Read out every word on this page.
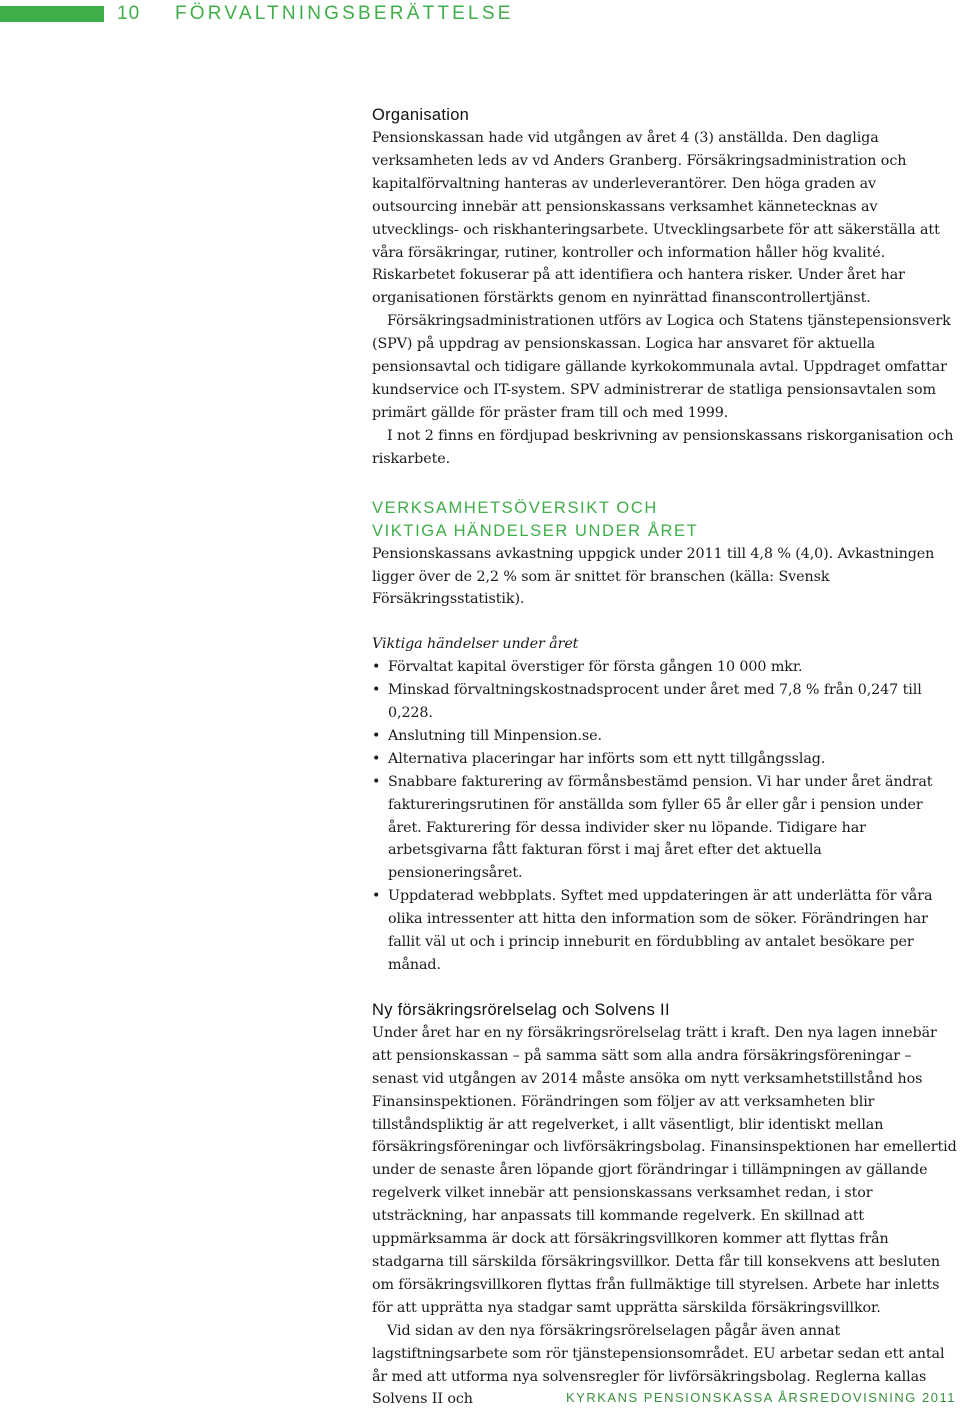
10 FÖRVALTNINGSBERÄTTELSE
Organisation

Pensionskassan hade vid utgången av året 4 (3) anställda. Den dagliga verksamheten leds av vd Anders Granberg. Försäkringsadministration och kapitalförvaltning hanteras av underleverantörer. Den höga graden av outsourcing innebär att pensionskassans verksamhet kännetecknas av utvecklings- och riskhanteringsarbete. Utvecklingsarbete för att säkerställa att våra försäkringar, rutiner, kontroller och information håller hög kvalité. Riskarbetet fokuserar på att identifiera och hantera risker. Under året har organisationen förstärkts genom en nyinrättad finanscontrollertjänst.

Försäkringsadministrationen utförs av Logica och Statens tjänstepensionsverk (SPV) på uppdrag av pensionskassan. Logica har ansvaret för aktuella pensionsavtal och tidigare gällande kyrkokommunala avtal. Uppdraget omfattar kundservice och IT-system. SPV administrerar de statliga pensionsavtalen som primärt gällde för präster fram till och med 1999.

I not 2 finns en fördjupad beskrivning av pensionskassans riskorganisation och riskarbete.

VERKSAMHETSÖVERSIKT OCH
VIKTIGA HÄNDELSER UNDER ÅRET

Pensionskassans avkastning uppgick under 2011 till 4,8 % (4,0). Avkastningen ligger över de 2,2 % som är snittet för branschen (källa: Svensk Försäkringsstatistik).

Viktiga händelser under året

• Förvaltat kapital överstiger för första gången 10 000 mkr.
• Minskad förvaltningskostnadsprocent under året med 7,8 % från 0,247 till 0,228.
• Anslutning till Minpension.se.
• Alternativa placeringar har införts som ett nytt tillgångsslag.
• Snabbare fakturering av förmånsbestämd pension. Vi har under året ändrat faktureringsrutinen för anställda som fyller 65 år eller går i pension under året. Fakturering för dessa individer sker nu löpande. Tidigare har arbetsgivarna fått fakturan först i maj året efter det aktuella pensioneringsåret.
• Uppdaterad webbplats. Syftet med uppdateringen är att underlätta för våra olika intressenter att hitta den information som de söker. Förändringen har fallit väl ut och i princip inneburit en fördubbling av antalet besökare per månad.
Ny försäkringsrörelselag och Solvens II

Under året har en ny försäkringsrörelselag trätt i kraft. Den nya lagen innebär att pensionskassan – på samma sätt som alla andra försäkringsföreningar – senast vid utgången av 2014 måste ansöka om nytt verksamhetstillstånd hos Finansinspektionen. Förändringen som följer av att verksamheten blir tillståndspliktig är att regelverket, i allt väsentligt, blir identiskt mellan försäkringsföreningar och livförsäkringsbolag. Finansinspektionen har emellertid under de senaste åren löpande gjort förändringar i tillämpningen av gällande regelverk vilket innebär att pensionskassans verksamhet redan, i stor utsträckning, har anpassats till kommande regelverk. En skillnad att uppmärksamma är dock att försäkringsvillkoren kommer att flyttas från stadgarna till särskilda försäkringsvillkor. Detta får till konsekvens att besluten om försäkringsvillkoren flyttas från fullmäktige till styrelsen. Arbete har inletts för att upprätta nya stadgar samt upprätta särskilda försäkringsvillkor.

Vid sidan av den nya försäkringsrörelselagen pågår även annat lagstiftningsarbete som rör tjänstepensionsområdet. EU arbetar sedan ett antal år med att utforma nya solvensregler för livförsäkringsbolag. Reglerna kallas Solvens II och	KYRKANS PENSIONSKASSA ÅRSREDOVISNING 2011
